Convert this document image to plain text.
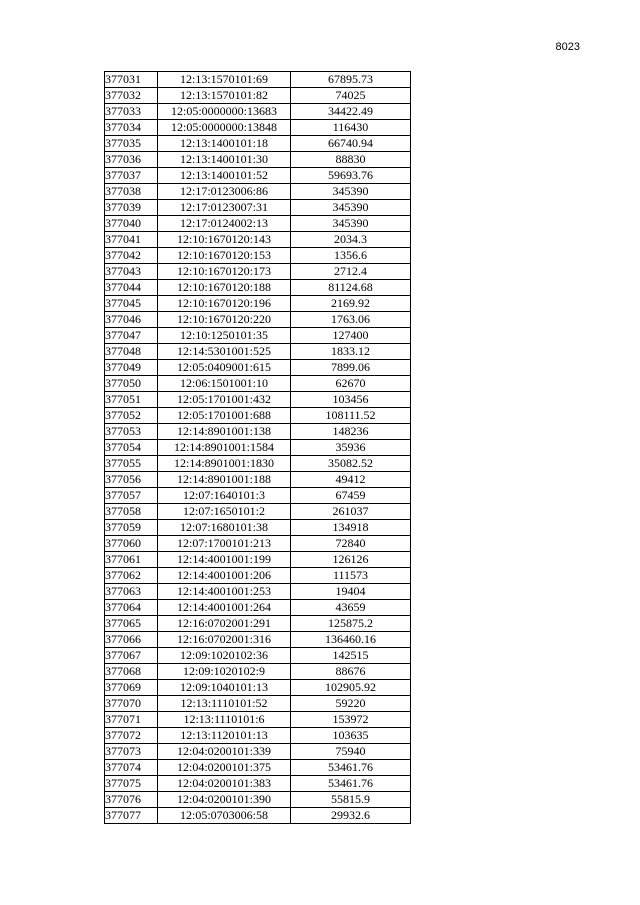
8023
377031	12:13:1570101:69	67895.73
377032	12:13:1570101:82	74025
377033	12:05:0000000:13683	34422.49
377034	12:05:0000000:13848	116430
377035	12:13:1400101:18	66740.94
377036	12:13:1400101:30	88830
377037	12:13:1400101:52	59693.76
377038	12:17:0123006:86	345390
377039	12:17:0123007:31	345390
377040	12:17:0124002:13	345390
377041	12:10:1670120:143	2034.3
377042	12:10:1670120:153	1356.6
377043	12:10:1670120:173	2712.4
377044	12:10:1670120:188	81124.68
377045	12:10:1670120:196	2169.92
377046	12:10:1670120:220	1763.06
377047	12:10:1250101:35	127400
377048	12:14:5301001:525	1833.12
377049	12:05:0409001:615	7899.06
377050	12:06:1501001:10	62670
377051	12:05:1701001:432	103456
377052	12:05:1701001:688	108111.52
377053	12:14:8901001:138	148236
377054	12:14:8901001:1584	35936
377055	12:14:8901001:1830	35082.52
377056	12:14:8901001:188	49412
377057	12:07:1640101:3	67459
377058	12:07:1650101:2	261037
377059	12:07:1680101:38	134918
377060	12:07:1700101:213	72840
377061	12:14:4001001:199	126126
377062	12:14:4001001:206	111573
377063	12:14:4001001:253	19404
377064	12:14:4001001:264	43659
377065	12:16:0702001:291	125875.2
377066	12:16:0702001:316	136460.16
377067	12:09:1020102:36	142515
377068	12:09:1020102:9	88676
377069	12:09:1040101:13	102905.92
377070	12:13:1110101:52	59220
377071	12:13:1110101:6	153972
377072	12:13:1120101:13	103635
377073	12:04:0200101:339	75940
377074	12:04:0200101:375	53461.76
377075	12:04:0200101:383	53461.76
377076	12:04:0200101:390	55815.9
377077	12:05:0703006:58	29932.6
